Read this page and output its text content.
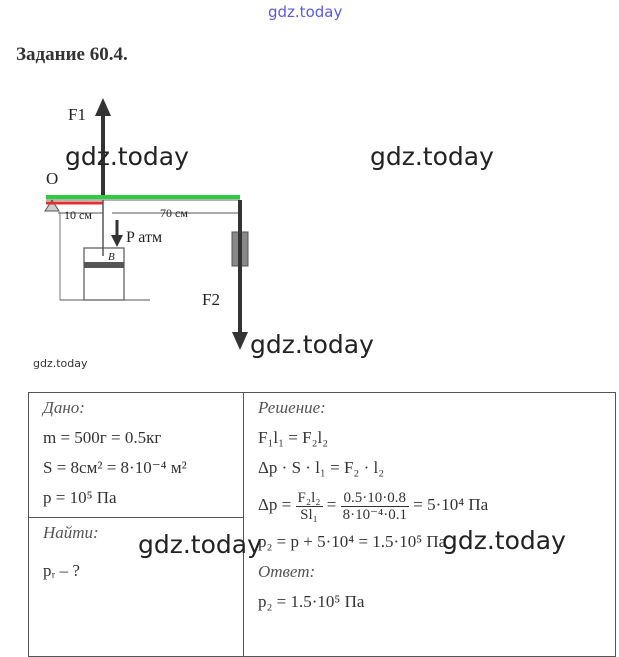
gdz.today
Задание 60.4.
F1
O
10 см	70 см
P атм
B
F2
gdz.today	gdz.today
gdz.today
gdz.today
Дано:
m = 500г = 0.5кг
S = 8см² = 8·10⁻⁴ м²
p = 10⁵ Па
Найти:
pᵣ – ?

Решение:
F₁l₁ = F₂l₂
Δp · S · l₁ = F₂ · l₂
$\Delta p = \frac{\text{F₂l₂}}{\text{Sl₁}} = \frac{0.5\cdot 10\cdot 0.8}{\text{8·10⁻⁴·0.1}} = 5\cdot 10^4$ Па
p₂ = p + 5·10⁴ = 1.5·10⁵ Па
Ответ:
p₂ = 1.5·10⁵ Па
gdz.today	gdz.today
